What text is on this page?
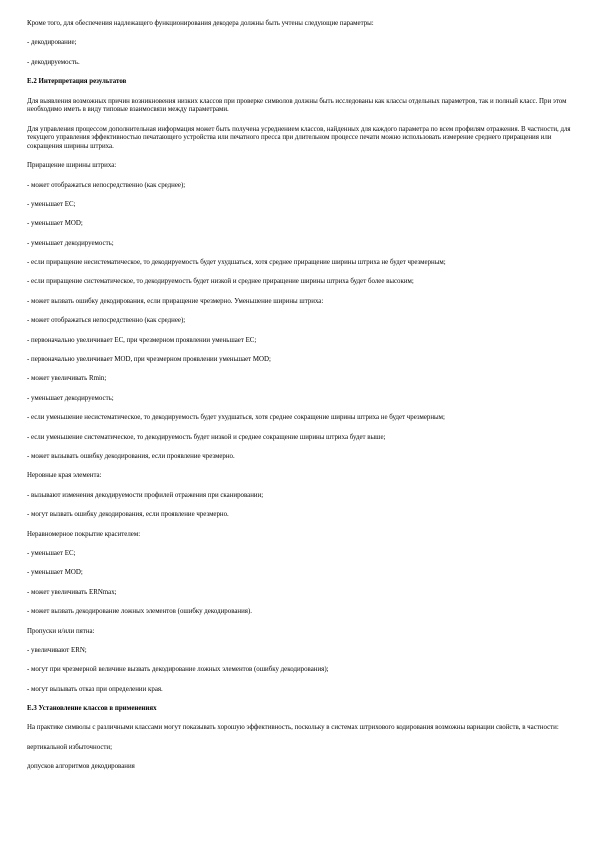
Кроме того, для обеспечения надлежащего функционирования декодера должны быть учтены следующие параметры:
- декодирование;
- декодируемость.
Е.2 Интерпретация результатов
Для выявления возможных причин возникновения низких классов при проверке символов должны быть исследованы как классы отдельных параметров, так и полный класс. При этом необходимо иметь в виду типовые взаимосвязи между параметрами.
Для управления процессом дополнительная информация может быть получена усреднением классов, найденных для каждого параметра по всем профилям отражения. В частности, для текущего управления эффективностью печатающего устройства или печатного пресса при длительном процессе печати можно использовать измерение среднего приращения или сокращения ширины штриха.
Приращение ширины штриха:
- может отображаться непосредственно (как среднее);
- уменьшает EC;
- уменьшает MOD;
- уменьшает декодируемость;
- если приращение несистематическое, то декодируемость будет ухудшаться, хотя среднее приращение ширины штриха не будет чрезмерным;
- если приращение систематическое, то декодируемость будет низкой и среднее приращение ширины штриха будет более высоким;
- может вызвать ошибку декодирования, если приращение чрезмерно. Уменьшение ширины штриха:
- может отображаться непосредственно (как среднее);
- первоначально увеличивает EC, при чрезмерном проявлении уменьшает EC;
- первоначально увеличивает MOD, при чрезмерном проявлении уменьшает MOD;
- может увеличивать Rmin;
- уменьшает декодируемость;
- если уменьшение несистематическое, то декодируемость будет ухудшаться, хотя среднее сокращение ширины штриха не будет чрезмерным;
- если уменьшение систематическое, то декодируемость будет низкой и среднее сокращение ширины штриха будет выше;
- может вызывать ошибку декодирования, если проявление чрезмерно.
Неровные края элемента:
- вызывают изменения декодируемости профилей отражения при сканировании;
- могут вызвать ошибку декодирования, если проявление чрезмерно.
Неравномерное покрытие красителем:
- уменьшает EC;
- уменьшает MOD;
- может увеличивать ERNmax;
- может вызвать декодирование ложных элементов (ошибку декодирования).
Пропуски и/или пятна:
- увеличивают ERN;
- могут при чрезмерной величине вызвать декодирование ложных элементов (ошибку декодирования);
- могут вызывать отказ при определении края.
Е.3 Установление классов в применениях
На практике символы с различными классами могут показывать хорошую эффективность, поскольку в системах штрихового кодирования возможны вариации свойств, в частности:
вертикальной избыточности;
допусков алгоритмов декодирования
